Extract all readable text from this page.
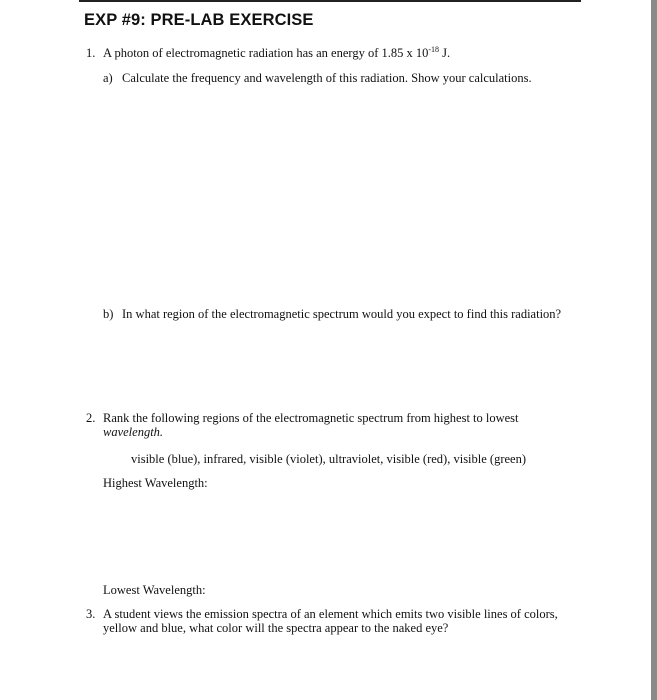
EXP #9: PRE-LAB EXERCISE
1. A photon of electromagnetic radiation has an energy of 1.85 x $10^{-18}$ J.
a) Calculate the frequency and wavelength of this radiation. Show your calculations.
b) In what region of the electromagnetic spectrum would you expect to find this radiation?
2. Rank the following regions of the electromagnetic spectrum from highest to lowest
wavelength.
visible (blue), infrared, visible (violet), ultraviolet, visible (red), visible (green)
Highest Wavelength:
Lowest Wavelength:
3. A student views the emission spectra of an element which emits two visible lines of colors,
yellow and blue, what color will the spectra appear to the naked eye?
